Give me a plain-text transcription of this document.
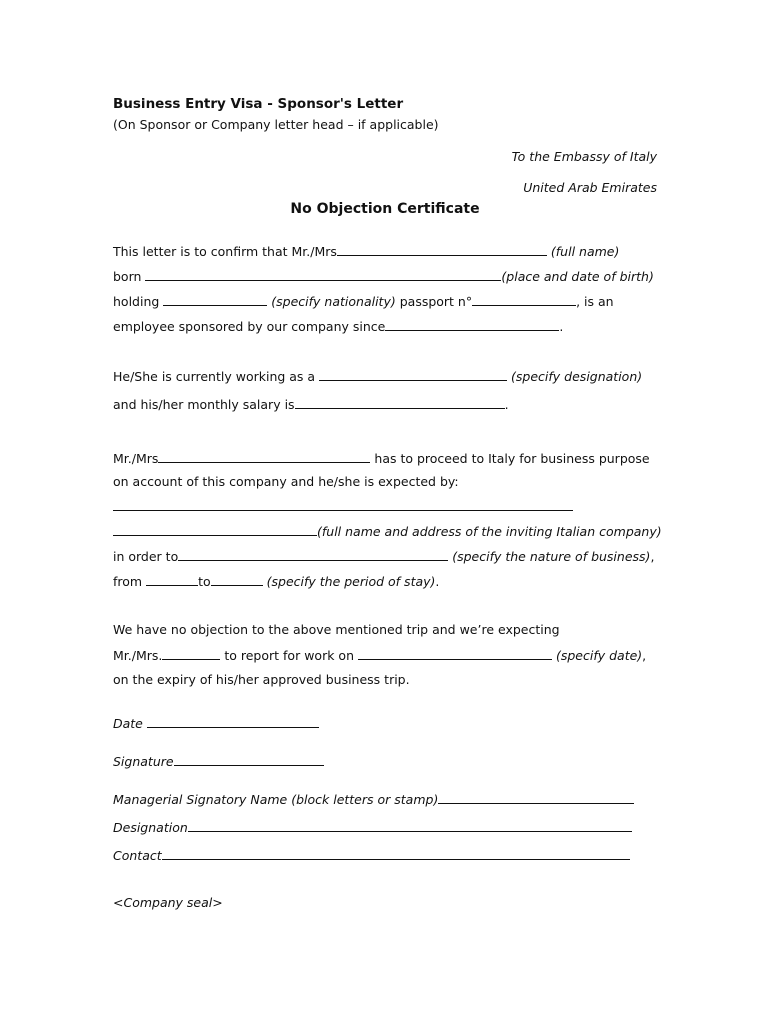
Business Entry Visa - Sponsor's Letter
(On Sponsor or Company letter head – if applicable)
To the Embassy of Italy
United Arab Emirates
No Objection Certificate
This letter is to confirm that Mr./Mrs	(full name)
born	(place and date of birth)
holding	(specify nationality) passport n°	, is an
employee sponsored by our company since	.
He/She is currently working as a	(specify designation)
and his/her monthly salary is	.
Mr./Mrs	has to proceed to Italy for business purpose
on account of this company and he/she is expected by:
(full name and address of the inviting Italian company)
in order to	(specify the nature of business),
from	to	(specify the period of stay).
We have no objection to the above mentioned trip and we’re expecting
Mr./Mrs.	to report for work on	(specify date),
on the expiry of his/her approved business trip.
Date
Signature
Managerial Signatory Name (block letters or stamp)
Designation
Contact
<Company seal>
